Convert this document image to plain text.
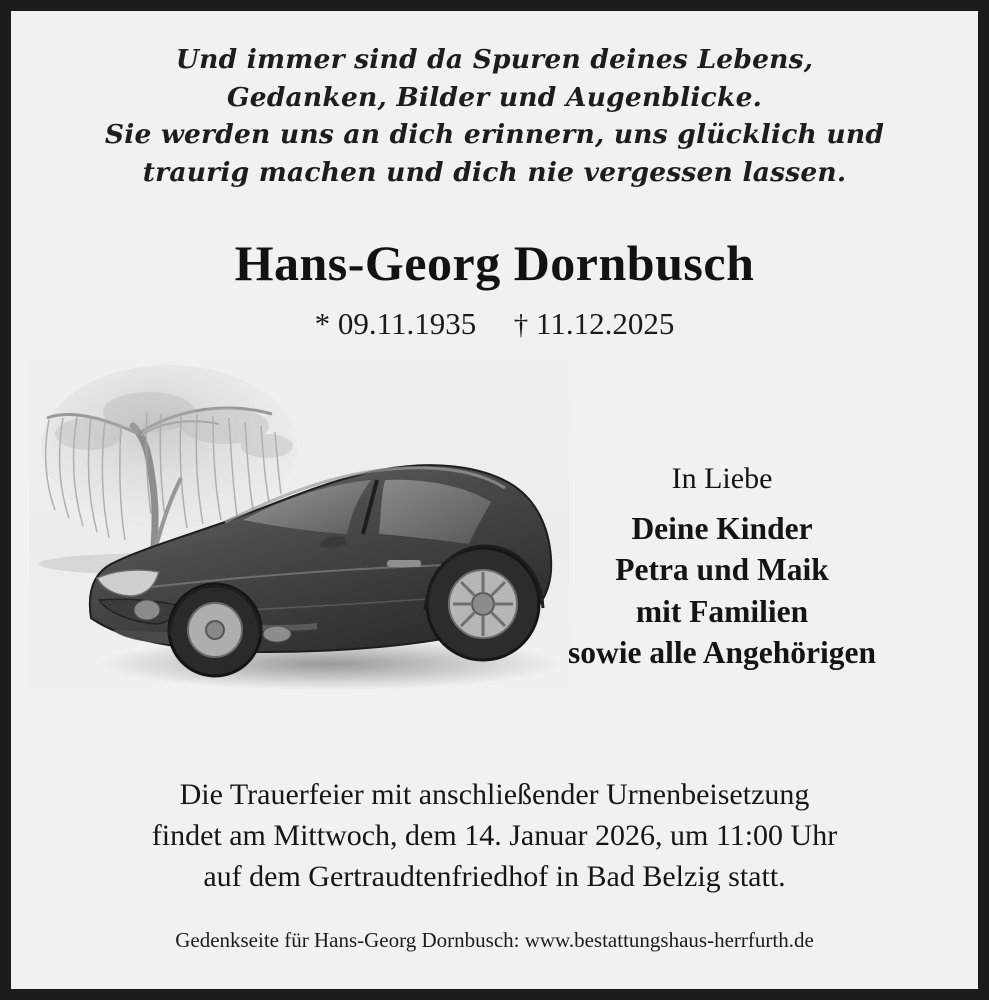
Und immer sind da Spuren deines Lebens,
Gedanken, Bilder und Augenblicke.
Sie werden uns an dich erinnern, uns glücklich und
traurig machen und dich nie vergessen lassen.
Hans-Georg Dornbusch
* 09.11.1935 † 11.12.2025
In Liebe
Deine Kinder
Petra und Maik
mit Familien
sowie alle Angehörigen
Die Trauerfeier mit anschließender Urnenbeisetzung
findet am Mittwoch, dem 14. Januar 2026, um 11:00 Uhr
auf dem Gertraudtenfriedhof in Bad Belzig statt.
Gedenkseite für Hans-Georg Dornbusch: www.bestattungshaus-herrfurth.de
